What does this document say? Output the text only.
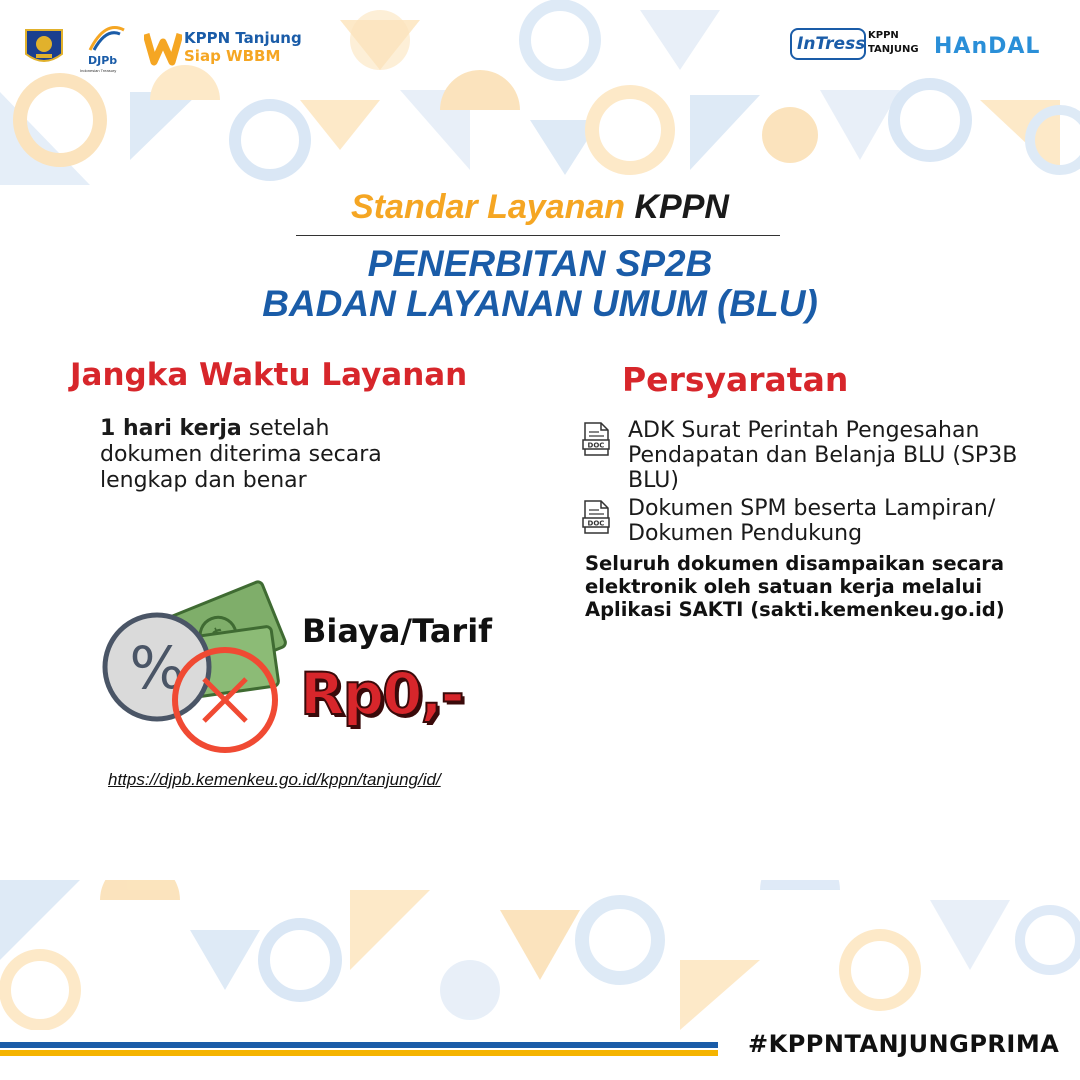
#KPPNTANJUNGPRIMA
DJPb
Indonesian Treasury
KPPN Tanjung
Siap WBBM
InTress KPPN
TANJUNG HAnDAL
Standar Layanan KPPN
PENERBITAN SP2B
BADAN LAYANAN UMUM (BLU)
Jangka Waktu Layanan
1 hari kerja setelah
dokumen diterima secara
lengkap dan benar
Persyaratan
DOC
ADK Surat Perintah Pengesahan Pendapatan dan Belanja BLU (SP3B BLU)
DOC
Dokumen SPM beserta Lampiran/ Dokumen Pendukung
Seluruh dokumen disampaikan secara elektronik oleh satuan kerja melalui Aplikasi SAKTI (sakti.kemenkeu.go.id)
%
Biaya/Tarif
Rp0,-
https://djpb.kemenkeu.go.id/kppn/tanjung/id/
